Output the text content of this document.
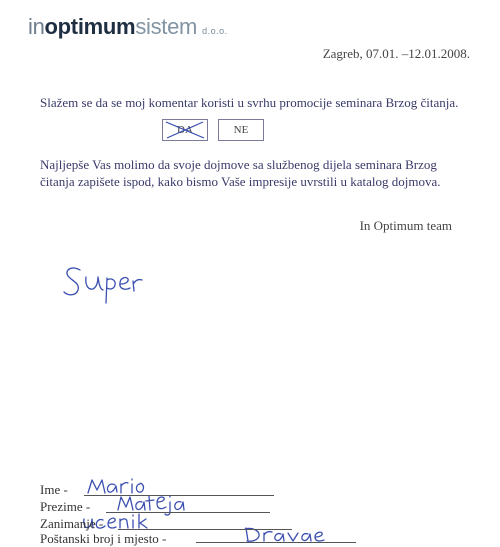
inoptimumsistem d.o.o.
Zagreb, 07.01. –12.01.2008.
Slažem se da se moj komentar koristi u svrhu promocije seminara Brzog čitanja.
DA	NE

Najljepše Vas molimo da svoje dojmove sa službenog dijela seminara Brzog

čitanja zapišete ispod, kako bismo Vaše impresije uvrstili u katalog dojmova.

In Optimum team
Ime -
Prezime -
Zanimanje -
Poštanski broj i mjesto -
